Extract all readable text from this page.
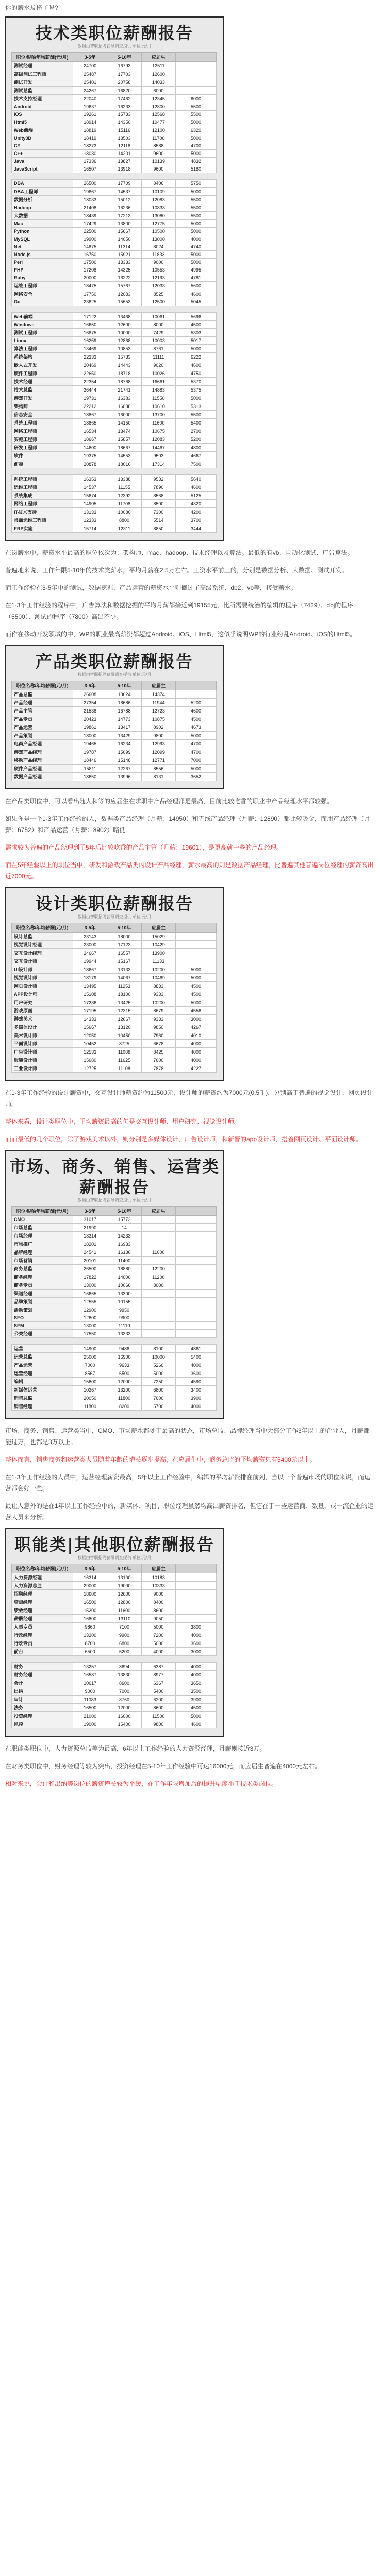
你的薪水及格了吗?
技术类职位薪酬报告
数据由智联招聘薪酬调查提供 单位:元/月
职位名称/年均薪酬(元/月)	3-5年	5-10年	应届生	
测试经理	24700	16793	12511	
高级测试工程师	25487	17703	12600	
测试开发	25401	20758	14033	
测试总监	24267	16820	6000	
技术支持经理	22040	17462	12345	6000
Android	19637	16233	12800	5500
iOS	19261	15733	12568	5500
Html5	18914	14350	10477	5000
Web前端	18819	15116	12100	6320
Unity3D	18419	13503	11700	5000
C#	18273	12118	8588	4700
C++	18030	14201	9600	5000
Java	17336	13827	10139	4832
JavaScript	16507	13918	9600	5180

DBA	26500	17709	8406	5750
DBA工程师	19667	14537	10109	5000
数据分析	18033	15012	12083	5500
Hadoop	21408	16236	10833	5500
大数据	18439	17213	13080	5500
Mac	17429	13800	12775	5000
Python	22500	15667	10500	5000
MySQL	19900	14050	13000	4000
Net	14875	11314	8024	4740
Node.js	16750	15921	11833	5000
Perl	17500	13333	9000	5000
PHP	17208	14325	10553	4995
Ruby	20000	16222	12193	4781
运维工程师	18475	15767	12033	5600
网络安全	17750	12083	8525	4600
Go	23625	15653	12500	5045

Web前端	17122	13468	10061	5696
Windows	16650	12600	8000	4500
测试工程师	16875	10000	7429	5303
Linux	16259	12868	10003	5017
算法工程师	13469	10853	8761	5000
系统架构	22333	15733	11111	6222
嵌入式开发	20469	14443	9020	4600
硬件工程师	22650	18718	10026	4750
技术经理	22354	18768	16661	5370
技术总监	26444	21741	14883	5375
游戏开发	19731	16383	11550	5000
架构师	22212	16088	10610	5313
信息安全	18867	16000	13700	5500
系统工程师	18865	14150	11600	5400
网络工程师	16534	13474	10675	2700
实施工程师	18667	15857	12083	5200
研发工程师	14600	18667	14467	4800
软件	19375	14553	9503	4667
前端	20878	18016	17314	7500

系统工程师	16353	13388	9532	5640
运维工程师	14537	11155	7890	4600
系统集成	15674	12392	8568	5125
网络工程师	14905	11708	8500	4320
IT技术支持	13133	10080	7300	4200
桌面运维工程师	12333	8800	5514	3700
ERP实施	15714	12311	8850	3444
在岗薪水中，薪资水平最高的职位依次为：架构师、mac、hadoop、技术经理以及算法。最低的有vb、自动化测试、广告算法。
普遍地来说，工作年限5-10年的技术类薪水，平均月薪在2.5万左右。工资水平前三的，分别是数据分析、大数据、测试开发。
而工作经验在3-5年中的测试，数据挖掘、产品运营的薪资水平则搁过了高级系统、db2、vb等，接受薪水。
在1-3年工作经验的程序中，广告算法和数据挖掘的平均月薪都接近到19155元，比所需要统治的编辑的程序（7429）、dbj的程序（5500）、测试的程序（7800）高出不少。
而作在移动开发领域的中，WP的职业最高薪资都超过Android、iOS、Html5，这似乎说明WP的行业纷乱Android、iOS的Html5。
产品类职位薪酬报告
数据由智联招聘薪酬调查提供 单位:元/月
职位名称/年均薪酬(元/月)	3-5年	5-10年	应届生	
产品总监	26608	18624	14374	
产品经理	27354	18686	11944	5200
产品主管	21538	16788	12723	4600
产品专员	20423	14773	10875	4500
产品运营	19861	13417	8902	4673
产品策划	18000	13429	9800	5000
电商产品经理	19465	16234	12993	4700
游戏产品经理	19787	15099	12099	4700
移动产品经理	18446	15148	12771	7000
硬件产品经理	15811	12267	8556	5000
数据产品经理	18650	13996	8131	3652
在产品类职位中，可以看出随人和等的应届生在求职中产品经理都是最高，目前比较吃香的职业中产品经理水平都较强。
如果你是一个1-3年工作经验的人，数据类产品经理（月薪：14950）和无线产品经理（月薪：12890）都比较吸金，而用产品经理（月薪：6752）和产品运营（月薪：8902）略低。
需求较为普遍的产品经理到了5年后比较吃香的产品主管（月薪：19601），是更高就一些的产品经理。
而在5年经验以上的职位当中，研发和游戏产品类的设计产品经理，薪水最高的则是数据产品经理，比普遍其他普遍岗位经理的薪资高出近7000元。
设计类职位薪酬报告
数据由智联招聘薪酬调查提供 单位:元/月
职位名称/年均薪酬(元/月)	3-5年	5-10年	应届生	
设计总监	23143	18000	15029	
视觉设计经理	23000	17123	10429	
交互设计经理	24667	16557	13900	
交互设计师	19944	15167	11133	
UI设计师	18667	13133	10200	5000
视觉设计师	18179	14067	10469	5000
网页设计师	13495	11253	8833	4500
APP设计师	15108	13100	9333	4500
用户研究	17286	13425	10200	5000
游戏原画	17195	12315	8679	4556
游戏美术	14333	12667	9333	3000
多媒体设计	15667	13120	9850	4267
美术设计师	12050	10450	7960	4010
平面设计师	10452	8725	6678	4000
广告设计师	12533	11088	8425	4000
服装设计师	15680	11625	7600	4000
工业设计师	12725	11108	7878	4227
在1-3年工作经验的设计薪资中，交互设计师薪资约为11500元，设计师的薪资约为7000元(0.5千)，分别高于普遍的视觉设计、网页设计师。
整体来看，设计类职位中，平均薪资最高的仍是交互设计师、用户研究、视觉设计师。
而而最低的几个职位，除了游戏美术以外，则分别是多媒体设计、广告设计师，和新晋的app设计师，搭着网页设计、平面设计师。
市场、商务、销售、运营类薪酬报告
数据由智联招聘薪酬调查提供 单位:元/月
职位名称/年均薪酬(元/月)	3-5年	5-10年	应届生	
CMO	31017	15773		
市场总监	21990	14		
市场经理	18314	14233		
市场推广	18201	16933		
品牌经理	24541	16136	11000	
市场营销	20101	11400		
商务总监	26500	18880	12200	
商务经理	17822	14000	11200	
商务专员	13000	10066	8000	
渠道经理	16665	13300		
品牌策划	12555	10155		
活动策划	12900	9950		
SEO	12600	9900		
SEM	13000	11110		
公关经理	17550	13333		

运营	14900	9486	8100	4861
运营总监	25000	16900	10000	5400
产品运营	7000	9633	5260	4000
运营经理	8567	6500	5000	3600
编辑	15600	12000	7250	4590
新媒体运营	10267	13200	6800	3400
销售总监	20050	11800	7600	3900
销售经理	11800	8200	5700	4000
市场、商务、销售、运营类当中，CMO、市场薪水都处于最高的状态，市场总监、品牌经理当中大部分工作3年以上的企业人，月薪都能过万，也都是3万以上。
整体而言，销售商务和运营类人员随着年龄的增长逐步提高，在应届生中，商务总监的平均薪资只有5400元以上。
在1-3年工作经验的人员中，运营经理薪资最高，5年以上工作经验中，编辑的平均薪资排在前列，当以一个普遍市场的职位来说，而运营都会好一些。
最让人意外的是在1年以上工作经验中的，新媒体、项目、职位经理虽然均高出薪资排名，但它在于一些运营商、数量，或一流企业的运营人员来分析。
职能类|其他职位薪酬报告
数据由智联招聘薪酬调查提供 单位:元/月
职位名称/年均薪酬(元/月)	3-5年	5-10年	应届生	
人力资源经理	16314	13100	10183	
人力资源总监	29000	19000	10333	
招聘经理	18600	12600	9000	
培训经理	16500	12800	8400	
绩效经理	15200	11600	8600	
薪酬经理	16800	13110	9050	
人事专员	9860	7100	5000	3800
行政经理	13200	9900	7200	4000
行政专员	8700	6800	5000	3600
前台	6500	5200	4000	3000

财务	13257	8694	6387	4000
财务经理	16587	13830	8977	4000
会计	10617	8600	6367	3650
出纳	9000	7000	5400	3500
审计	11083	8760	6200	3900
法务	16500	12000	8600	4500
投资经理	21000	16000	11500	5000
风控	19000	15400	9800	4600
在职能类职位中，人力资源总监等为最高，6年以上工作经验的人力资源经理，月薪则接近3万。
在财务类职位中，财务经理等较为突出，投资经理在5-10年工作经验中可达16000元，而应届生普遍在4000元左右。
相对来说，会计和出纳等岗位的薪资增长较为平缓，在工作年限增加后的提升幅度小于技术类岗位。
